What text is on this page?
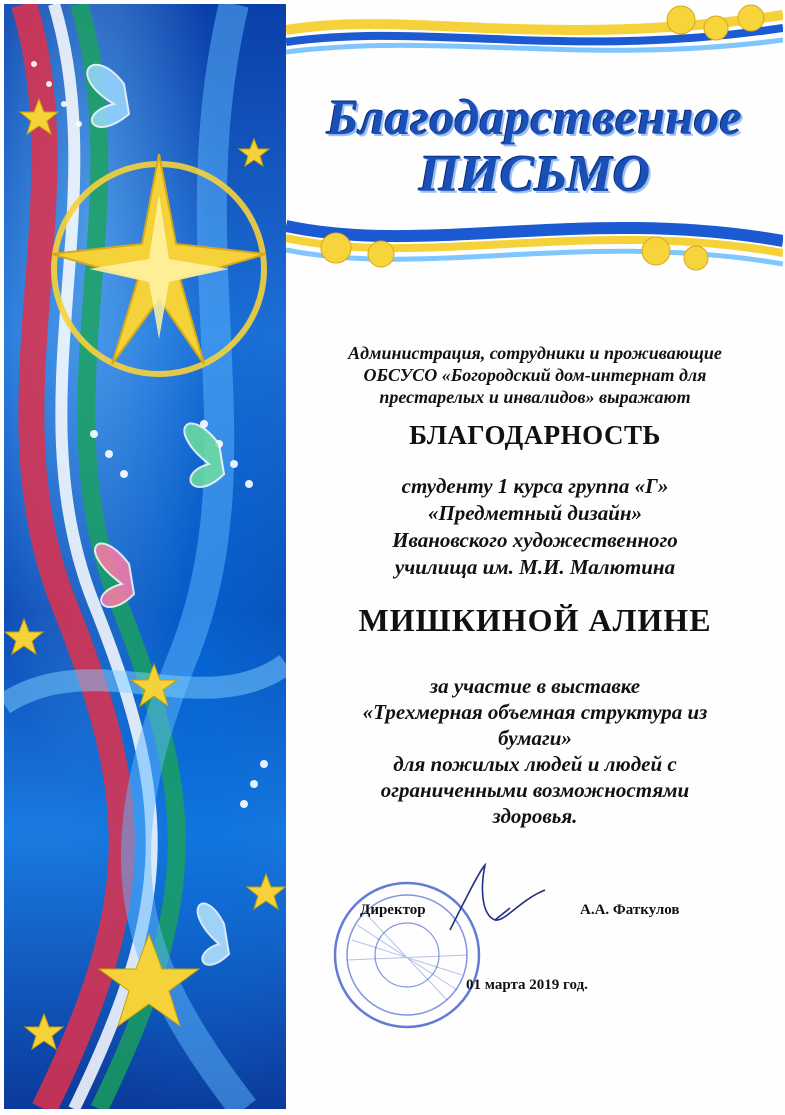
Благодарственное
ПИСЬМО
Администрация, сотрудники и проживающие
ОБСУСО «Богородский дом-интернат для
престарелых и инвалидов» выражают
БЛАГОДАРНОСТЬ
студенту 1 курса группа «Г»
«Предметный дизайн»
Ивановского художественного
училища им. М.И. Малютина
МИШКИНОЙ АЛИНЕ
за участие в выставке
«Трехмерная объемная структура из
бумаги»
для пожилых людей и людей с
ограниченными возможностями
здоровья.
Директор	А.А. Фаткулов
01 марта 2019 год.
